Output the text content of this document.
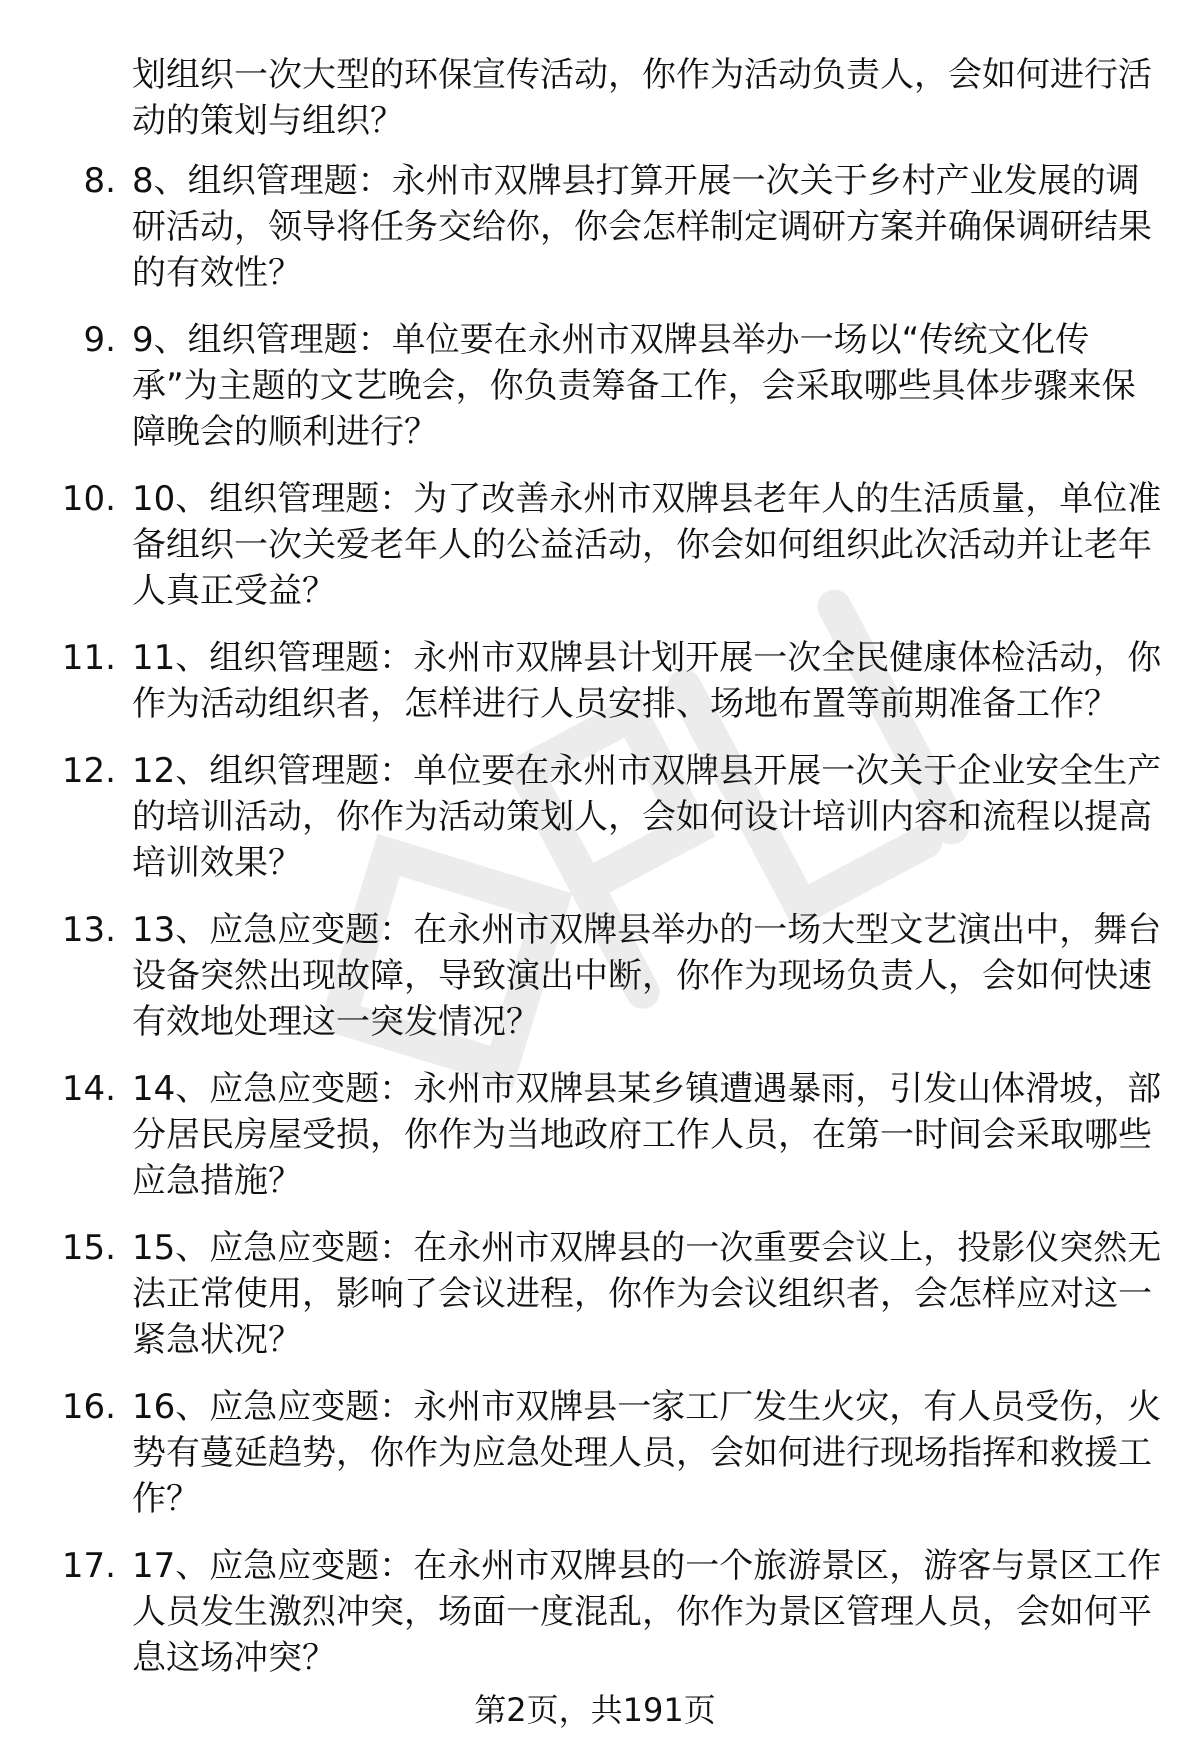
划组织一次大型的环保宣传活动，你作为活动负责人，会如何进行活动的策划与组织？

8. 8、组织管理题：永州市双牌县打算开展一次关于乡村产业发展的调研活动，领导将任务交给你，你会怎样制定调研方案并确保调研结果的有效性？
9. 9、组织管理题：单位要在永州市双牌县举办一场以“传统文化传承”为主题的文艺晚会，你负责筹备工作，会采取哪些具体步骤来保障晚会的顺利进行？
10. 10、组织管理题：为了改善永州市双牌县老年人的生活质量，单位准备组织一次关爱老年人的公益活动，你会如何组织此次活动并让老年人真正受益？
11. 11、组织管理题：永州市双牌县计划开展一次全民健康体检活动，你作为活动组织者，怎样进行人员安排、场地布置等前期准备工作？
12. 12、组织管理题：单位要在永州市双牌县开展一次关于企业安全生产的培训活动，你作为活动策划人，会如何设计培训内容和流程以提高培训效果？
13. 13、应急应变题：在永州市双牌县举办的一场大型文艺演出中，舞台设备突然出现故障，导致演出中断，你作为现场负责人，会如何快速有效地处理这一突发情况？
14. 14、应急应变题：永州市双牌县某乡镇遭遇暴雨，引发山体滑坡，部分居民房屋受损，你作为当地政府工作人员，在第一时间会采取哪些应急措施？
15. 15、应急应变题：在永州市双牌县的一次重要会议上，投影仪突然无法正常使用，影响了会议进程，你作为会议组织者，会怎样应对这一紧急状况？
16. 16、应急应变题：永州市双牌县一家工厂发生火灾，有人员受伤，火势有蔓延趋势，你作为应急处理人员，会如何进行现场指挥和救援工作？
17. 17、应急应变题：在永州市双牌县的一个旅游景区，游客与景区工作人员发生激烈冲突，场面一度混乱，你作为景区管理人员，会如何平息这场冲突？

第2页，共191页
